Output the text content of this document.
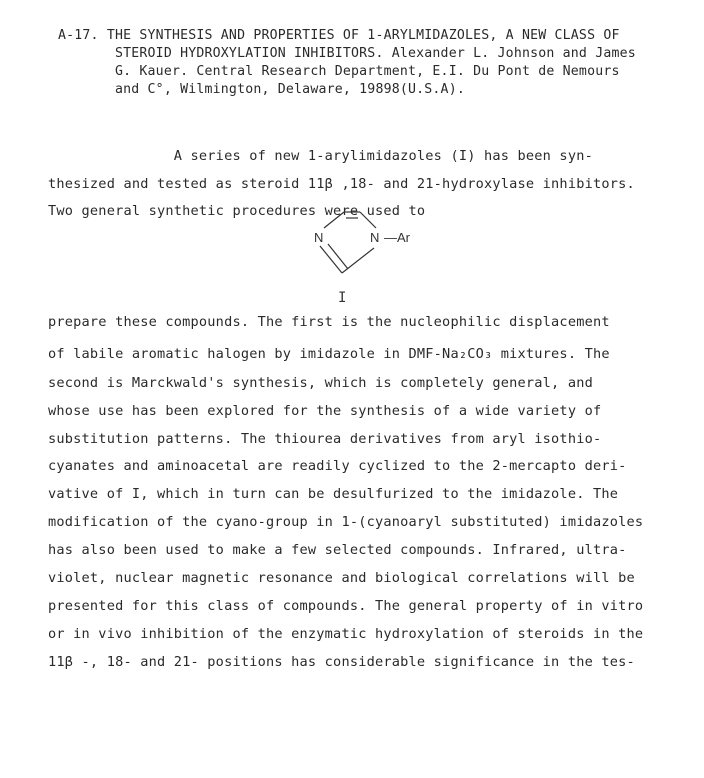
A-17. THE SYNTHESIS AND PROPERTIES OF 1-ARYLMIDAZOLES, A NEW CLASS OF
STEROID HYDROXYLATION INHIBITORS. Alexander L. Johnson and James
G. Kauer. Central Research Department, E.I. Du Pont de Nemours
and C°, Wilmington, Delaware, 19898(U.S.A).
A series of new 1-arylimidazoles (I) has been syn-
thesized and tested as steroid 11β ,18- and 21-hydroxylase inhibitors.
Two general synthetic procedures were used to
N	N —Ar
I
prepare these compounds. The first is the nucleophilic displacement
of labile aromatic halogen by imidazole in DMF-Na₂CO₃ mixtures. The
second is Marckwald's synthesis, which is completely general, and
whose use has been explored for the synthesis of a wide variety of
substitution patterns. The thiourea derivatives from aryl isothio-
cyanates and aminoacetal are readily cyclized to the 2-mercapto deri-
vative of I, which in turn can be desulfurized to the imidazole. The
modification of the cyano-group in 1-(cyanoaryl substituted) imidazoles
has also been used to make a few selected compounds. Infrared, ultra-
violet, nuclear magnetic resonance and biological correlations will be
presented for this class of compounds. The general property of in vitro
or in vivo inhibition of the enzymatic hydroxylation of steroids in the
11β -, 18- and 21- positions has considerable significance in the tes-
